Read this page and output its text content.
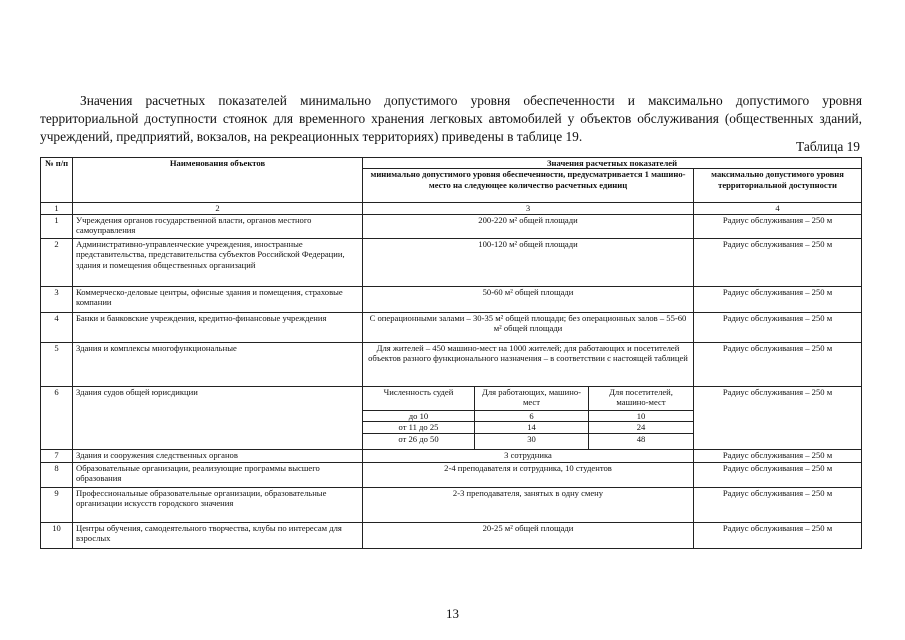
Значения расчетных показателей минимально допустимого уровня обеспеченности и максимально допустимого уровня территориальной доступности стоянок для временного хранения легковых автомобилей у объектов обслуживания (общественных зданий, учреждений, предприятий, вокзалов, на рекреационных территориях) приведены в таблице 19.

Таблица 19

№ п/п	Наименования объектов	Значения расчетных показателей			
		минимально допустимого уровня обеспеченности, предусматривается 1 машино-место на следующее количество расчетных единиц			максимально допустимого уровня территориальной доступности
1	2	3			4
1	Учреждения органов государственной власти, органов местного самоуправления	200-220 м² общей площади			Радиус обслуживания – 250 м
2	Административно-управленческие учреждения, иностранные представительства, представительства субъектов Российской Федерации, здания и помещения общественных организаций	100-120 м² общей площади			Радиус обслуживания – 250 м
3	Коммерческо-деловые центры, офисные здания и помещения, страховые компании	50-60 м² общей площади			Радиус обслуживания – 250 м
4	Банки и банковские учреждения, кредитно-финансовые учреждения	С операционными залами – 30-35 м² общей площади; без операционных залов – 55-60 м² общей площади			Радиус обслуживания – 250 м
5	Здания и комплексы многофункциональные	Для жителей – 450 машино-мест на 1000 жителей; для работающих и посетителей объектов разного функционального назначения – в соответствии с настоящей таблицей			Радиус обслуживания – 250 м
6	Здания судов общей юрисдикции	Численность судей	Для работающих, машино-мест	Для посетителей, машино-мест	Радиус обслуживания – 250 м
		до 10	6	10	
		от 11 до 25	14	24	
		от 26 до 50	30	48	
7	Здания и сооружения следственных органов	3 сотрудника			Радиус обслуживания – 250 м
8	Образовательные организации, реализующие программы высшего образования	2-4 преподавателя и сотрудника, 10 студентов			Радиус обслуживания – 250 м
9	Профессиональные образовательные организации, образовательные организации искусств городского значения	2-3 преподавателя, занятых в одну смену			Радиус обслуживания – 250 м
10	Центры обучения, самодеятельного творчества, клубы по интересам для взрослых	20-25 м² общей площади			Радиус обслуживания – 250 м

13
